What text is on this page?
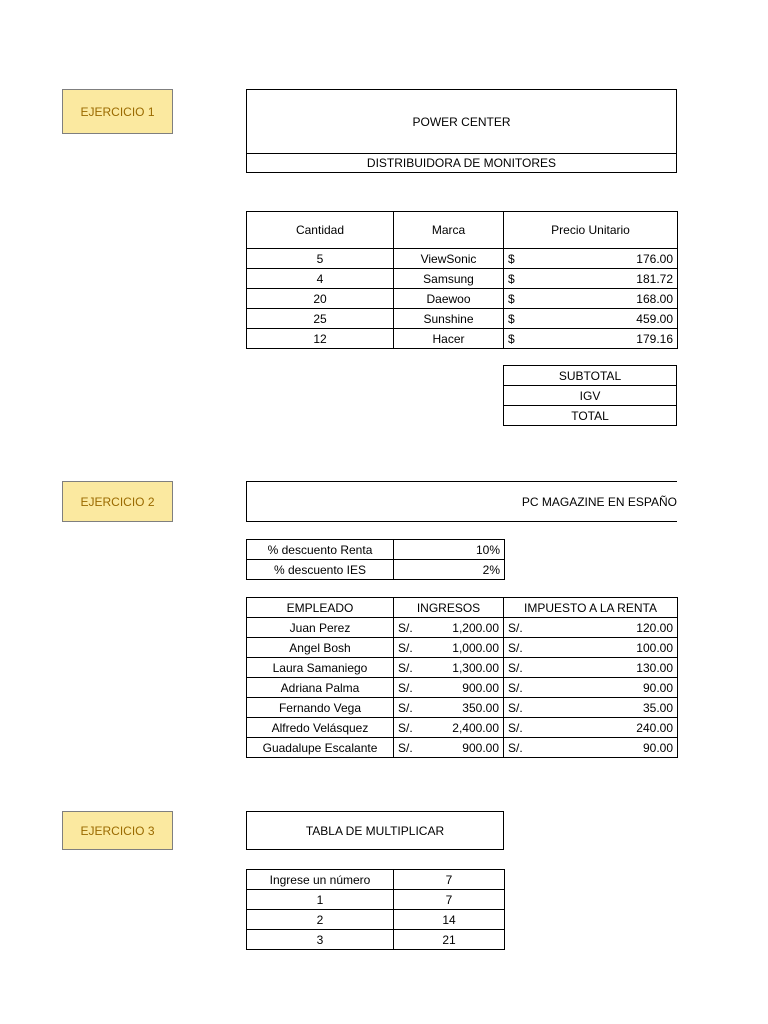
EJERCICIO 1
POWER CENTER
DISTRIBUIDORA DE MONITORES
Cantidad	Marca	Precio Unitario
5	ViewSonic	$ 176.00

4	Samsung	$ 181.72

20	Daewoo	$ 168.00

25	Sunshine	$ 459.00

12	Hacer	$ 179.16
SUBTOTAL
IGV
TOTAL
EJERCICIO 2	PC MAGAZINE EN ESPAÑO
% descuento Renta	10%
% descuento IES	2%
EMPLEADO	INGRESOS	IMPUESTO A LA RENTA
Juan Perez	S/. 1,200.00	S/. 120.00

Angel Bosh	S/. 1,000.00	S/. 100.00

Laura Samaniego	S/. 1,300.00	S/. 130.00

Adriana Palma	S/. 900.00	S/. 90.00

Fernando Vega	S/. 350.00	S/. 35.00

Alfredo Velásquez	S/. 2,400.00	S/. 240.00

Guadalupe Escalante	S/. 900.00	S/. 90.00
EJERCICIO 3	TABLA DE MULTIPLICAR
Ingrese un número	7
1	7
2	14
3	21
